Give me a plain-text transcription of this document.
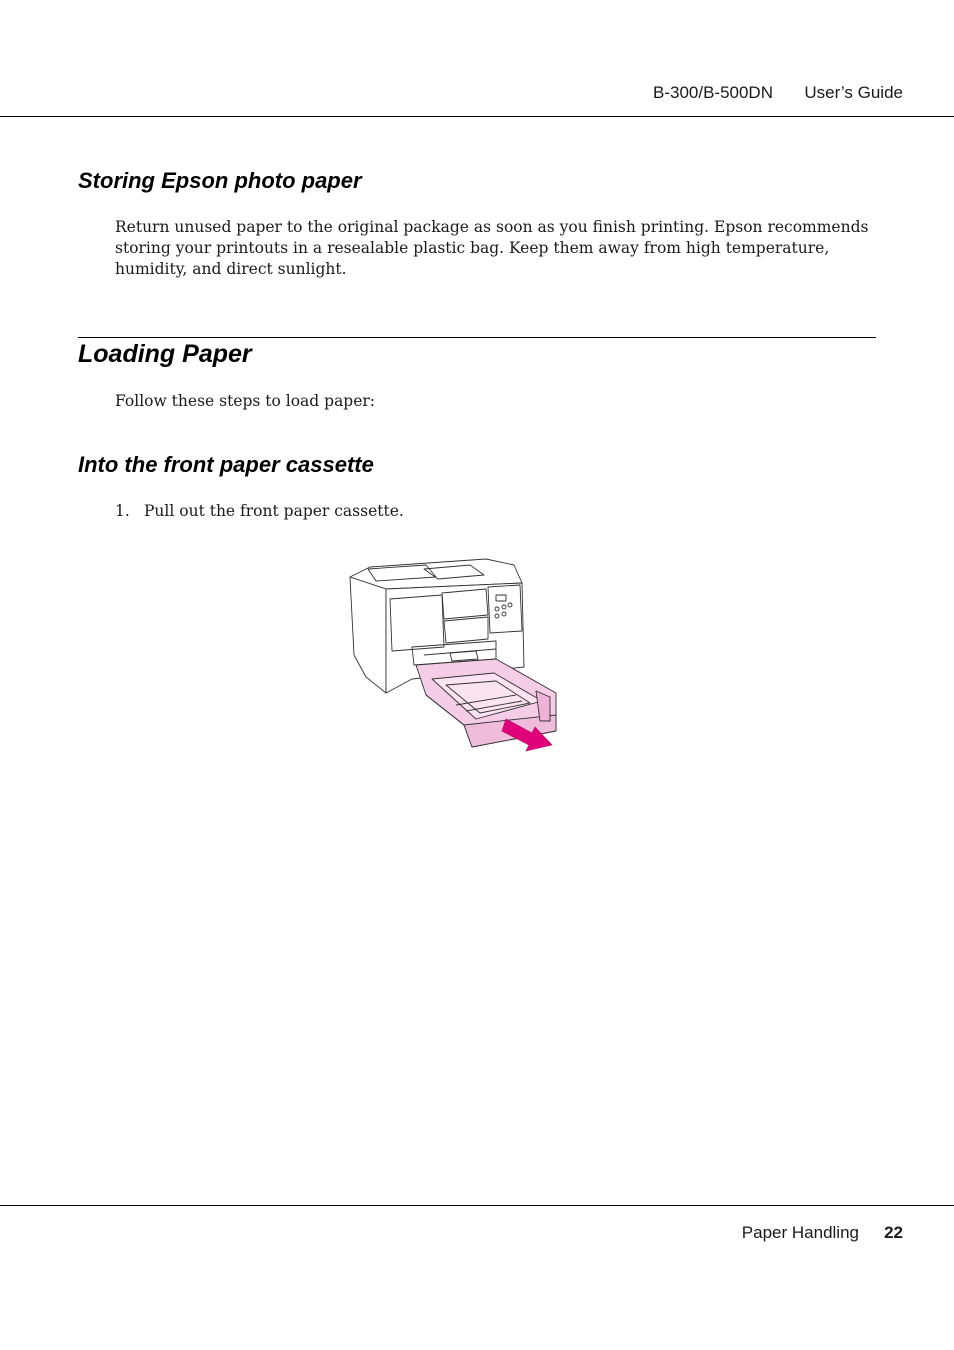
B-300/B-500DN User’s Guide
Storing Epson photo paper

Return unused paper to the original package as soon as you finish printing. Epson recommends storing your printouts in a resealable plastic bag. Keep them away from high temperature, humidity, and direct sunlight.

Loading Paper

Follow these steps to load paper:

Into the front paper cassette
1. Pull out the front paper cassette.
Paper Handling 22
